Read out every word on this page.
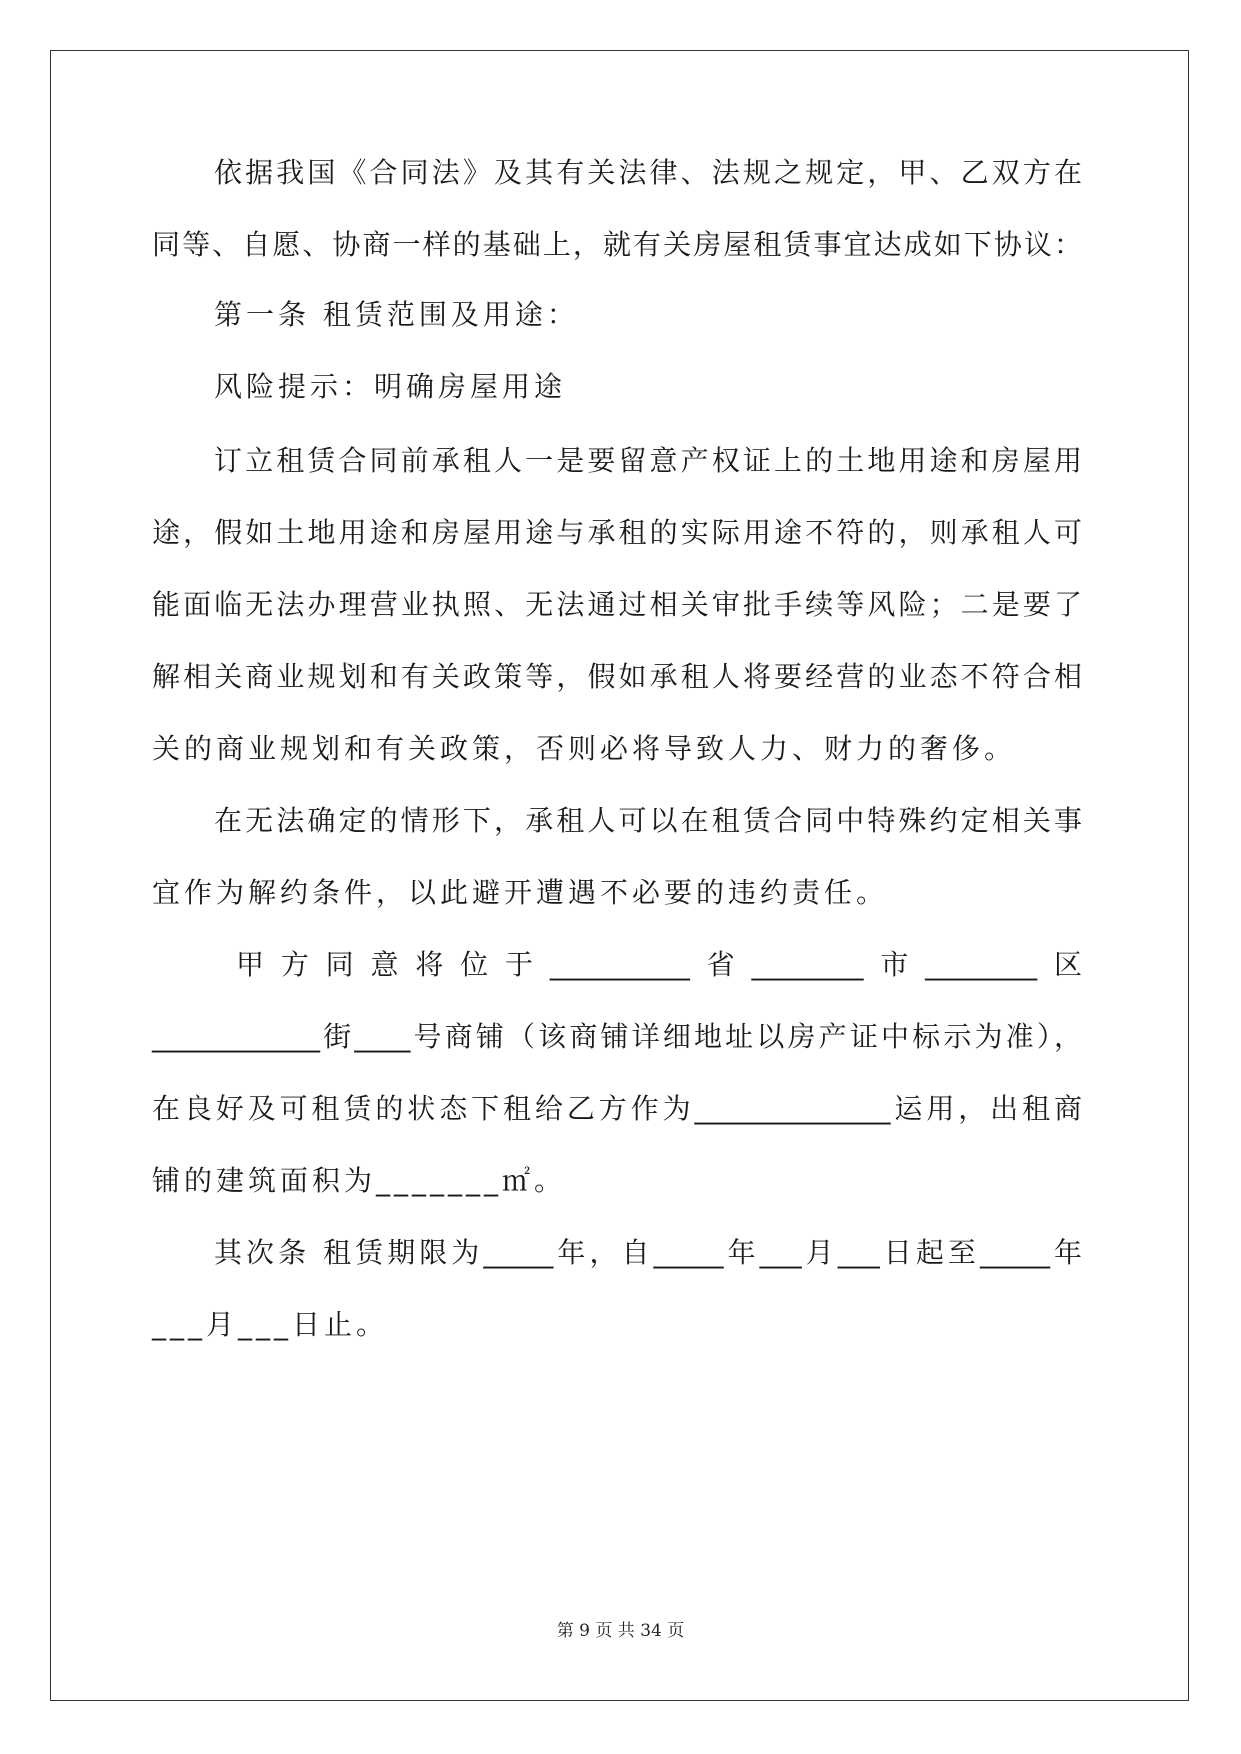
依据我国《合同法》及其有关法律、法规之规定，甲、乙双方在

同等、自愿、协商一样的基础上，就有关房屋租赁事宜达成如下协议：

第一条 租赁范围及用途：

风险提示：明确房屋用途

订立租赁合同前承租人一是要留意产权证上的土地用途和房屋用

途，假如土地用途和房屋用途与承租的实际用途不符的，则承租人可

能面临无法办理营业执照、无法通过相关审批手续等风险；二是要了

解相关商业规划和有关政策等，假如承租人将要经营的业态不符合相

关的商业规划和有关政策，否则必将导致人力、财力的奢侈。

在无法确定的情形下，承租人可以在租赁合同中特殊约定相关事

宜作为解约条件，以此避开遭遇不必要的违约责任。

甲方同意将位于__________省________市________区

____________街____号商铺（该商铺详细地址以房产证中标示为准），

在良好及可租赁的状态下租给乙方作为______________运用，出租商

铺的建筑面积为_______㎡。

其次条 租赁期限为_____年，自_____年___月___日起至_____年

___月___日止。

第 9 页 共 34 页
